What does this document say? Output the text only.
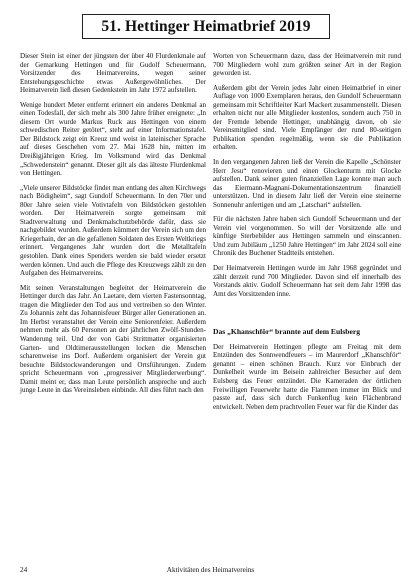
51. Hettinger Heimatbrief 2019

Dieser Stein ist einer der jüngsten der über 40 Flurdenkmale auf der Gemarkung Hettingen und für Gudolf Scheuermann, Vorsitzender des Heimatvereins, wegen seiner Entstehungsgeschichte etwas Außergewöhnliches. Der Heimatverein ließ diesen Gedenkstein im Jahr 1972 aufstellen.

Wenige hundert Meter entfernt erinnert ein anderes Denkmal an einen Todesfall, der sich mehr als 300 Jahre früher ereignete: „In diesem Ort wurde Markus Ruck aus Hettingen von einem schwedischen Reiter getötet“, steht auf einer Informationstafel. Der Bildstock zeigt ein Kreuz und weist in lateinischer Sprache auf dieses Geschehen vom 27. Mai 1628 hin, mitten im Dreißigjährigen Krieg. Im Volksmund wird das Denkmal „Schwedenstein“ genannt. Dieser gilt als das älteste Flurdenkmal von Hettingen.

„Viele unserer Bildstöcke findet man entlang des alten Kirchwegs nach Bödigheim“, sagt Gundolf Scheuermann. In den 70er und 80er Jahre seien viele Votivtafeln von Bildstöcken gestohlen worden. Der Heimatverein sorgte gemeinsam mit Stadtverwaltung und Denkmalschutzbehörde dafür, dass sie nachgebildet wurden. Außerdem kümmert der Verein sich um den Kriegerhain, der an die gefallenen Soldaten des Ersten Weltkriegs erinnert. Vergangenes Jahr wurden dort die Metalltafeln gestohlen. Dank eines Spenders werden sie bald wieder ersetzt werden können. Und auch die Pflege des Kreuzwegs zählt zu den Aufgaben des Heimatvereins.

Mit seinen Veranstaltungen begleitet der Heimatverein die Hettinger durch das Jahr. An Laetare, dem vierten Fastensonntag, tragen die Mitglieder den Tod aus und vertreiben so den Winter. Zu Johannis zeht das Johannisfeuer Bürger aller Generationen an. Im Herbst veranstaltet der Verein eine Seniorenfeier. Außerdem nehmen mehr als 60 Personen an der jährlichen Zwölf-Stunden-Wanderung teil. Und der von Gabi Strittmatter organisierten Garten- und Oldtimerausstellungen locken die Menschen scharenweise ins Dorf. Außerdem organisiert der Verein gut besuchte Bildstockwanderungen und Ortsführungen. Zudem spricht Scheuermann von „progressiver Mitgliederwerbung“. Damit meint er, dass man Leute persönlich anspreche und auch junge Leute in das Vereinsleben einbinde. All dies führt nach den

Worten von Scheuermann dazu, dass der Heimatverein mit rund 700 Mitgliedern wohl zum größten seiner Art in der Region geworden ist.

Außerdem gibt der Verein jedes Jahr einen Heimatbrief in einer Auflage von 1000 Exemplaren heraus, den Gundolf Scheuermann gemeinsam mit Schriftleiter Karl Mackert zusammenstellt. Diesen erhalten nicht nur alle Mitglieder kostenlos, sondern auch 750 in der Fremde lebende Hettinger, unabhängig davon, ob sie Vereinsmitglied sind. Viele Empfänger der rund 80-seitigen Publikation spenden regelmäßig, wenn sie die Publikation erhalten.

In den vergangenen Jahren ließ der Verein die Kapelle „Schönster Herr Jesu“ renovieren und einen Glockenturm mit Glocke aufstellen. Dank seiner guten finanziellen Lage konnte man auch das Eiermann-Magnani-Dokumentationszentrum finanziell unterstützen. Und in diesem Jahr ließ der Verein eine steinerne Sonnenuhr anfertigen und am „Latschari“ aufstellen.

Für die nächsten Jahre haben sich Gundolf Scheuermann und der Verein viel vorgenommen. So will der Vorsitzende alle und künftige Sterbebilder aus Hettingen sammeln und einscannen. Und zum Jubiläum „1250 Jahre Hettingen“ im Jahr 2024 soll eine Chronik des Buchener Stadtteils entstehen.

Der Heimatverein Hettingen wurde im Jahr 1968 gegründet und zählt derzeit rund 700 Mitglieder. Davon sind elf innerhalb des Vorstands aktiv. Gudolf Scheuermann hat seit dem Jahr 1998 das Amt des Vorsitzenden inne.

Das „Khanschför“ brannte auf dem Eulsberg

Der Heimatverein Hettingen pflegte am Freitag mit dem Entzünden des Sonnwendfeuers – im Maurerdorf „Khanschför“ genannt – einen schönen Brauch. Kurz vor Einbruch der Dunkelheit wurde im Beisein zahlreicher Besucher auf dem Eulsberg das Feuer entzündet. Die Kameraden der örtlichen Freiwilligen Feuerwehr hatte die Flammen immer im Blick und passte auf, dass sich durch Funkenflug kein Flächenbrand entwickelt. Neben dem prachtvollen Feuer war für die Kinder das

24	Aktivitäten des Heimatvereins
